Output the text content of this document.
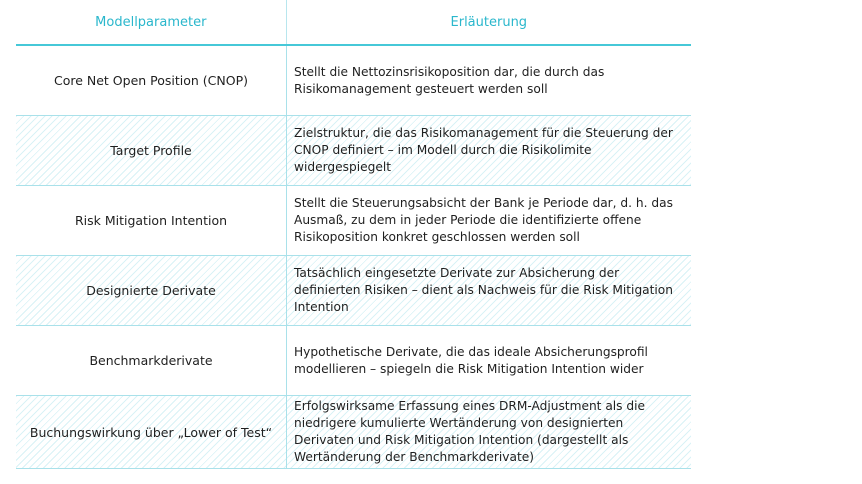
Modellparameter	Erläuterung
Core Net Open Position (CNOP)
Stellt die Nettozinsrisikoposition dar, die durch das Risikomanagement gesteuert werden soll
Target Profile
Zielstruktur, die das Risikomanagement für die Steuerung der CNOP definiert – im Modell durch die Risikolimite widergespiegelt
Risk Mitigation Intention
Stellt die Steuerungsabsicht der Bank je Periode dar, d. h. das Ausmaß, zu dem in jeder Periode die identifizierte offene Risikoposition konkret geschlossen werden soll
Designierte Derivate
Tatsächlich eingesetzte Derivate zur Absicherung der definierten Risiken – dient als Nachweis für die Risk Mitigation Intention
Benchmarkderivate
Hypothetische Derivate, die das ideale Absicherungsprofil modellieren – spiegeln die Risk Mitigation Intention wider
Buchungswirkung über „Lower of Test“
Erfolgswirksame Erfassung eines DRM-Adjustment als die niedrigere kumulierte Wertänderung von designierten Derivaten und Risk Mitigation Intention (dargestellt als Wertänderung der Benchmarkderivate)
